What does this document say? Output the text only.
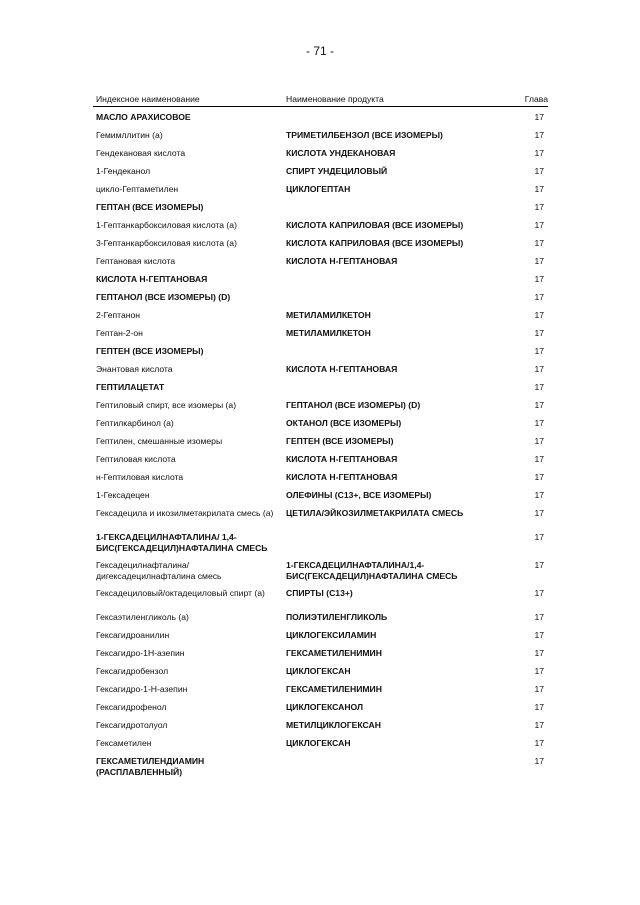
- 71 -
Индексное наименование	Наименование продукта	Глава
МАСЛО АРАХИСОВОЕ		17
Гемимллитин (а)	ТРИМЕТИЛБЕНЗОЛ (ВСЕ ИЗОМЕРЫ)	17
Гендекановая кислота	КИСЛОТА УНДЕКАНОВАЯ	17
1-Гендеканол	СПИРТ УНДЕЦИЛОВЫЙ	17
цикло-Гептаметилен	ЦИКЛОГЕПТАН	17
ГЕПТАН (ВСЕ ИЗОМЕРЫ)		17
1-Гептанкарбоксиловая кислота (а)	КИСЛОТА КАПРИЛОВАЯ (ВСЕ ИЗОМЕРЫ)	17
3-Гептанкарбоксиловая кислота (а)	КИСЛОТА КАПРИЛОВАЯ (ВСЕ ИЗОМЕРЫ)	17
Гептановая кислота	КИСЛОТА Н-ГЕПТАНОВАЯ	17
КИСЛОТА Н-ГЕПТАНОВАЯ		17
ГЕПТАНОЛ (ВСЕ ИЗОМЕРЫ) (D)		17
2-Гептанон	МЕТИЛАМИЛКЕТОН	17
Гептан-2-он	МЕТИЛАМИЛКЕТОН	17
ГЕПТЕН (ВСЕ ИЗОМЕРЫ)		17
Энантовая кислота	КИСЛОТА Н-ГЕПТАНОВАЯ	17
ГЕПТИЛАЦЕТАТ		17
Гептиловый спирт, все изомеры (а)	ГЕПТАНОЛ (ВСЕ ИЗОМЕРЫ) (D)	17
Гептилкарбинол (а)	ОКТАНОЛ (ВСЕ ИЗОМЕРЫ)	17
Гептилен, смешанные изомеры	ГЕПТЕН (ВСЕ ИЗОМЕРЫ)	17
Гептиловая кислота	КИСЛОТА Н-ГЕПТАНОВАЯ	17
н-Гептиловая кислота	КИСЛОТА Н-ГЕПТАНОВАЯ	17
1-Гексадецен	ОЛЕФИНЫ (С13+, ВСЕ ИЗОМЕРЫ)	17
Гексадецила и икозилметакрилата смесь (а)	ЦЕТИЛА/ЭЙКОЗИЛМЕТАКРИЛАТА СМЕСЬ	17
1-ГЕКСАДЕЦИЛНАФТАЛИНА/ 1,4-БИС(ГЕКСАДЕЦИЛ)НАФТАЛИНА СМЕСЬ		17
Гексадецилнафталина/ дигексадецилнафталина смесь	1-ГЕКСАДЕЦИЛНАФТАЛИНА/1,4-БИС(ГЕКСАДЕЦИЛ)НАФТАЛИНА СМЕСЬ	17
Гексадециловый/октадециловый спирт (а)	СПИРТЫ (С13+)	17
Гексаэтиленгликоль (а)	ПОЛИЭТИЛЕНГЛИКОЛЬ	17
Гексагидроанилин	ЦИКЛОГЕКСИЛАМИН	17
Гексагидро-1Н-азепин	ГЕКСАМЕТИЛЕНИМИН	17
Гексагидробензол	ЦИКЛОГЕКСАН	17
Гексагидро-1-Н-азепин	ГЕКСАМЕТИЛЕНИМИН	17
Гексагидрофенол	ЦИКЛОГЕКСАНОЛ	17
Гексагидротолуол	МЕТИЛЦИКЛОГЕКСАН	17
Гексаметилен	ЦИКЛОГЕКСАН	17
ГЕКСАМЕТИЛЕНДИАМИН (РАСПЛАВЛЕННЫЙ)		17
